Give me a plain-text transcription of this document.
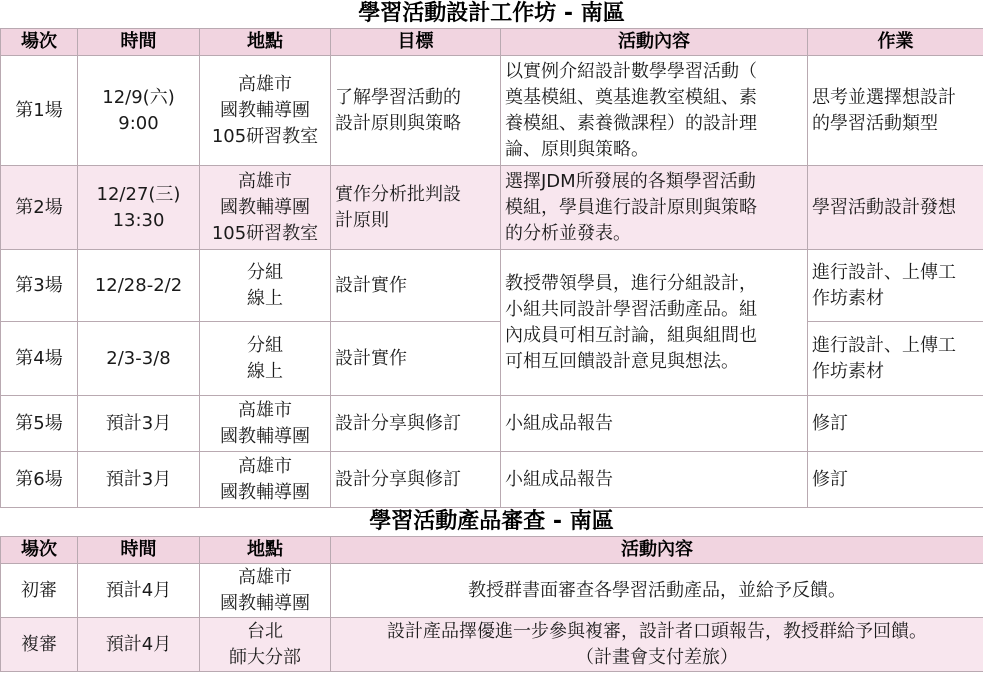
學習活動設計工作坊 - 南區
場次	時間	地點	目標	活動內容	作業
第1場	12/9(六)
9:00	高雄市
國教輔導團
105研習教室	了解學習活動的
設計原則與策略	以實例介紹設計數學學習活動（
奠基模組、奠基進教室模組、素
養模組、素養微課程）的設計理
論、原則與策略。	思考並選擇想設計
的學習活動類型

第2場	12/27(三)
13:30	高雄市
國教輔導團
105研習教室	實作分析批判設
計原則	選擇JDM所發展的各類學習活動
模組，學員進行設計原則與策略
的分析並發表。	學習活動設計發想

第3場	12/28-2/2	分組
線上	設計實作	教授帶領學員，進行分組設計，
小組共同設計學習活動產品。組
內成員可相互討論，組與組間也
可相互回饋設計意見與想法。	進行設計、上傳工
作坊素材

第4場	2/3-3/8	分組
線上	設計實作		進行設計、上傳工
作坊素材

第5場	預計3月	高雄市
國教輔導團	設計分享與修訂	小組成品報告	修訂

第6場	預計3月	高雄市
國教輔導團	設計分享與修訂	小組成品報告	修訂
學習活動產品審查 - 南區
場次	時間	地點	活動內容
初審	預計4月	高雄市
國教輔導團	教授群書面審查各學習活動產品，並給予反饋。

複審	預計4月	台北
師大分部	設計產品擇優進一步參與複審，設計者口頭報告，教授群給予回饋。
（計畫會支付差旅）
